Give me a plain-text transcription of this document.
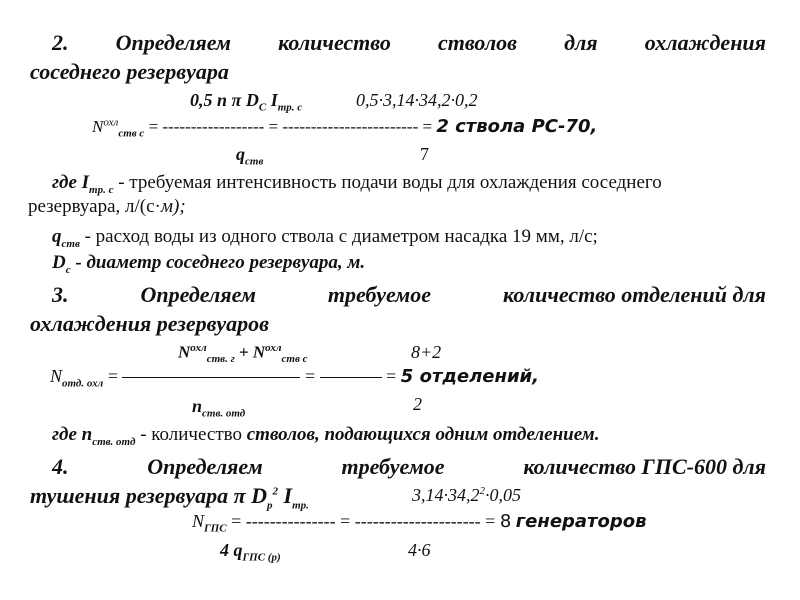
2. Определяем количество стволов для охлаждения
соседнего резервуара
0,5 n π $D_С$ $I_{тр. с}$	0,5·3,14·34,2·0,2
$N^{охл}_{ств с}$ = ------------------ = ------------------------ = 2 ствола РС-70,
$q_{ств}$	7
где $I_{тр. с}$ - требуемая интенсивность подачи воды для охлаждения соседнего
резервуара, л/(с·м);
$q_{ств}$ - расход воды из одного ствола с диаметром насадка 19 мм, л/с;
$D_с$ - диаметр соседнего резервуара, м.
3.	Определяем	требуемое	количество отделений для
охлаждения резервуаров
$N^{охл}_{ств. г} + N^{охл}_{ств с}$	8+2
$N_{отд. охл}$ =	=	= 5 отделений,
$n_{ств. отд}$	2
где $n_{ств. отд}$ - количество стволов, подающихся одним отделением.
4.	Определяем	требуемое	количество ГПС-600 для
тушения резервуара π $D_р^2$ $I_{тр.}$
$3,14\cdot 34,2^2\cdot 0,05$
$N_{ГПС}$ = --------------- = --------------------- = 8 генераторов
4 $q_{ГПС (р)}$	4·6
